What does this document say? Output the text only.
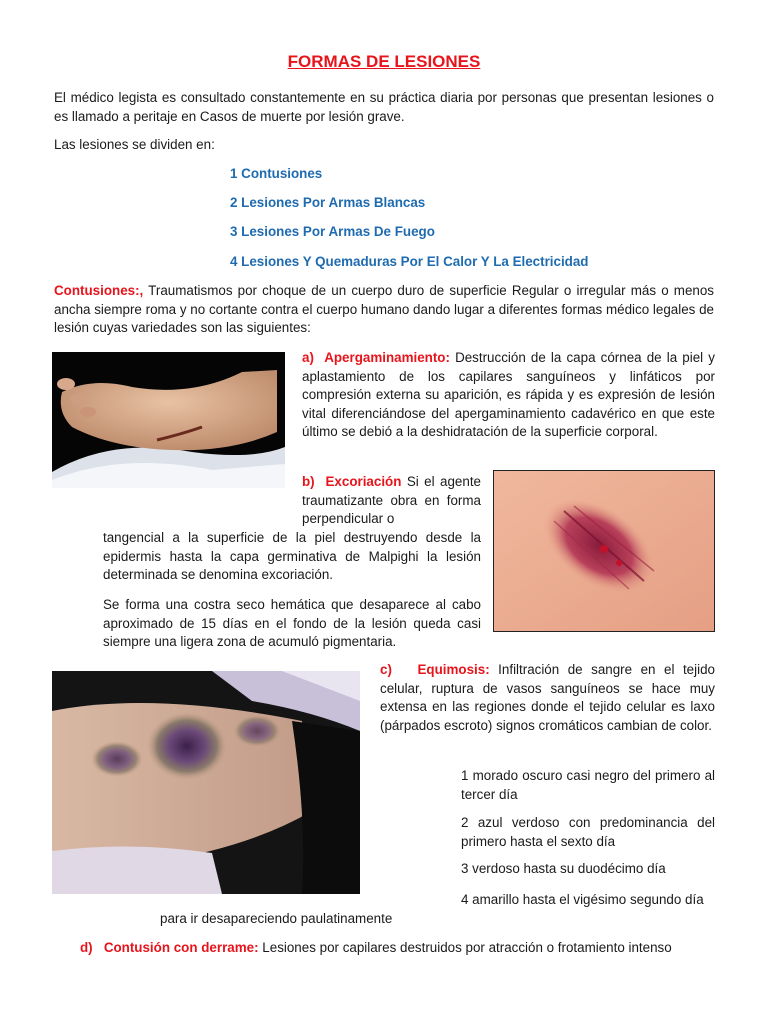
FORMAS DE LESIONES
El médico legista es consultado constantemente en su práctica diaria por personas que presentan lesiones o es llamado a peritaje en Casos de muerte por lesión grave.
Las lesiones se dividen en:
1 Contusiones
2 Lesiones Por Armas Blancas
3 Lesiones Por Armas De Fuego
4 Lesiones Y Quemaduras Por El Calor Y La Electricidad
Contusiones:, Traumatismos por choque de un cuerpo duro de superficie Regular o irregular más o menos ancha siempre roma y no cortante contra el cuerpo humano dando lugar a diferentes formas médico legales de lesión cuyas variedades son las siguientes:
a) Apergaminamiento: Destrucción de la capa córnea de la piel y aplastamiento de los capilares sanguíneos y linfáticos por compresión externa su aparición, es rápida y es expresión de lesión vital diferenciándose del apergaminamiento cadavérico en que este último se debió a la deshidratación de la superficie corporal.
b) Excoriación Si el agente traumatizante obra en forma perpendicular o
tangencial a la superficie de la piel destruyendo desde la epidermis hasta la capa germinativa de Malpighi la lesión determinada se denomina excoriación.
Se forma una costra seco hemática que desaparece al cabo aproximado de 15 días en el fondo de la lesión queda casi siempre una ligera zona de acumuló pigmentaria.
c) Equimosis: Infiltración de sangre en el tejido celular, ruptura de vasos sanguíneos se hace muy extensa en las regiones donde el tejido celular es laxo (párpados escroto) signos cromáticos cambian de color.
1 morado oscuro casi negro del primero al tercer día
2 azul verdoso con predominancia del primero hasta el sexto día
3 verdoso hasta su duodécimo día
4 amarillo hasta el vigésimo segundo día
para ir desapareciendo paulatinamente
d) Contusión con derrame: Lesiones por capilares destruidos por atracción o frotamiento intenso
